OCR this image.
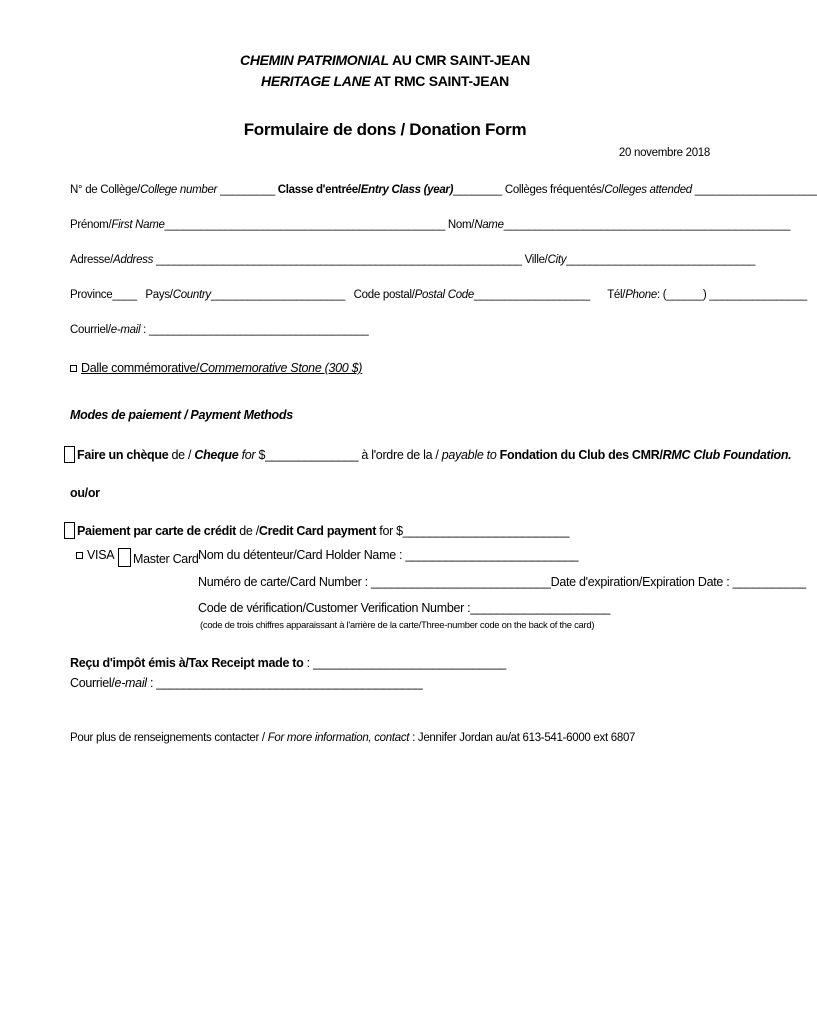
CHEMIN PATRIMONIAL AU CMR SAINT-JEAN
HERITAGE LANE AT RMC SAINT-JEAN
Formulaire de dons / Donation Form
20 novembre 2018
N° de Collège/College number _________ Classe d'entrée/Entry Class (year)________ Collèges fréquentés/Colleges attended ____________________
Prénom/First Name______________________________________________ Nom/Name_______________________________________________
Adresse/Address ____________________________________________________________ Ville/City_______________________________
Province____ Pays/Country______________________ Code postal/Postal Code___________________ Tél/Phone: (______) ________________
Courriel/e-mail : ____________________________________
Dalle commémorative/Commemorative Stone (300 $)
Modes de paiement / Payment Methods
Faire un chèque de / Cheque for $______________ à l'ordre de la / payable to Fondation du Club des CMR/RMC Club Foundation.
ou/or
Paiement par carte de crédit de /Credit Card payment for $_________________________
VISA	Master Card Nom du détenteur/Card Holder Name : __________________________
Numéro de carte/Card Number : ___________________________Date d'expiration/Expiration Date : ___________
Code de vérification/Customer Verification Number :_____________________
(code de trois chiffres apparaissant à l'arrière de la carte/Three-number code on the back of the card)
Reçu d'impôt émis à/Tax Receipt made to : _____________________________
Courriel/e-mail : ________________________________________
Pour plus de renseignements contacter / For more information, contact : Jennifer Jordan au/at 613-541-6000 ext 6807
